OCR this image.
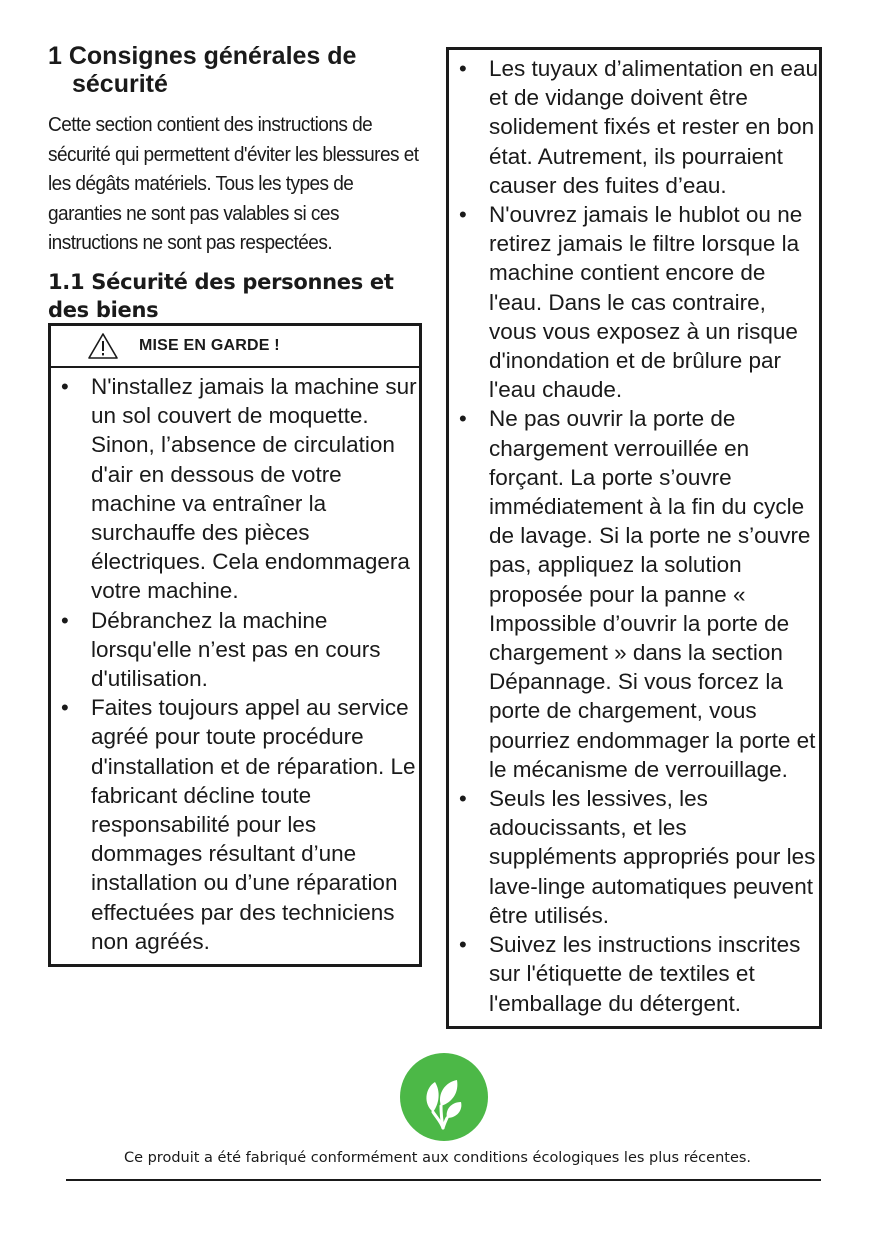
1 Consignes générales de sécurité

Cette section contient des instructions de sécurité qui permettent d'éviter les blessures et les dégâts matériels. Tous les types de garanties ne sont pas valables si ces instructions ne sont pas respectées.

1.1 Sécurité des personnes et des biens
MISE EN GARDE !
• N'installez jamais la machine sur un sol couvert de moquette. Sinon, l’absence de circulation d'air en dessous de votre machine va entraîner la surchauffe des pièces électriques. Cela endommagera votre machine.
• Débranchez la machine lorsqu'elle n’est pas en cours d'utilisation.
• Faites toujours appel au service agréé pour toute procédure d'installation et de réparation. Le fabricant décline toute responsabilité pour les dommages résultant d’une installation ou d’une réparation effectuées par des techniciens non agréés.
• Les tuyaux d’alimentation en eau et de vidange doivent être solidement fixés et rester en bon état. Autrement, ils pourraient causer des fuites d’eau.
• N'ouvrez jamais le hublot ou ne retirez jamais le filtre lorsque la machine contient encore de l'eau. Dans le cas contraire, vous vous exposez à un risque d'inondation et de brûlure par l'eau chaude.
• Ne pas ouvrir la porte de chargement verrouillée en forçant. La porte s’ouvre immédiatement à la fin du cycle de lavage. Si la porte ne s’ouvre pas, appliquez la solution proposée pour la panne « Impossible d’ouvrir la porte de chargement » dans la section Dépannage. Si vous forcez la porte de chargement, vous pourriez endommager la porte et le mécanisme de verrouillage.
• Seuls les lessives, les adoucissants, et les suppléments appropriés pour les lave-linge automatiques peuvent être utilisés.
• Suivez les instructions inscrites sur l'étiquette de textiles et l'emballage du détergent.
Ce produit a été fabriqué conformément aux conditions écologiques les plus récentes.
